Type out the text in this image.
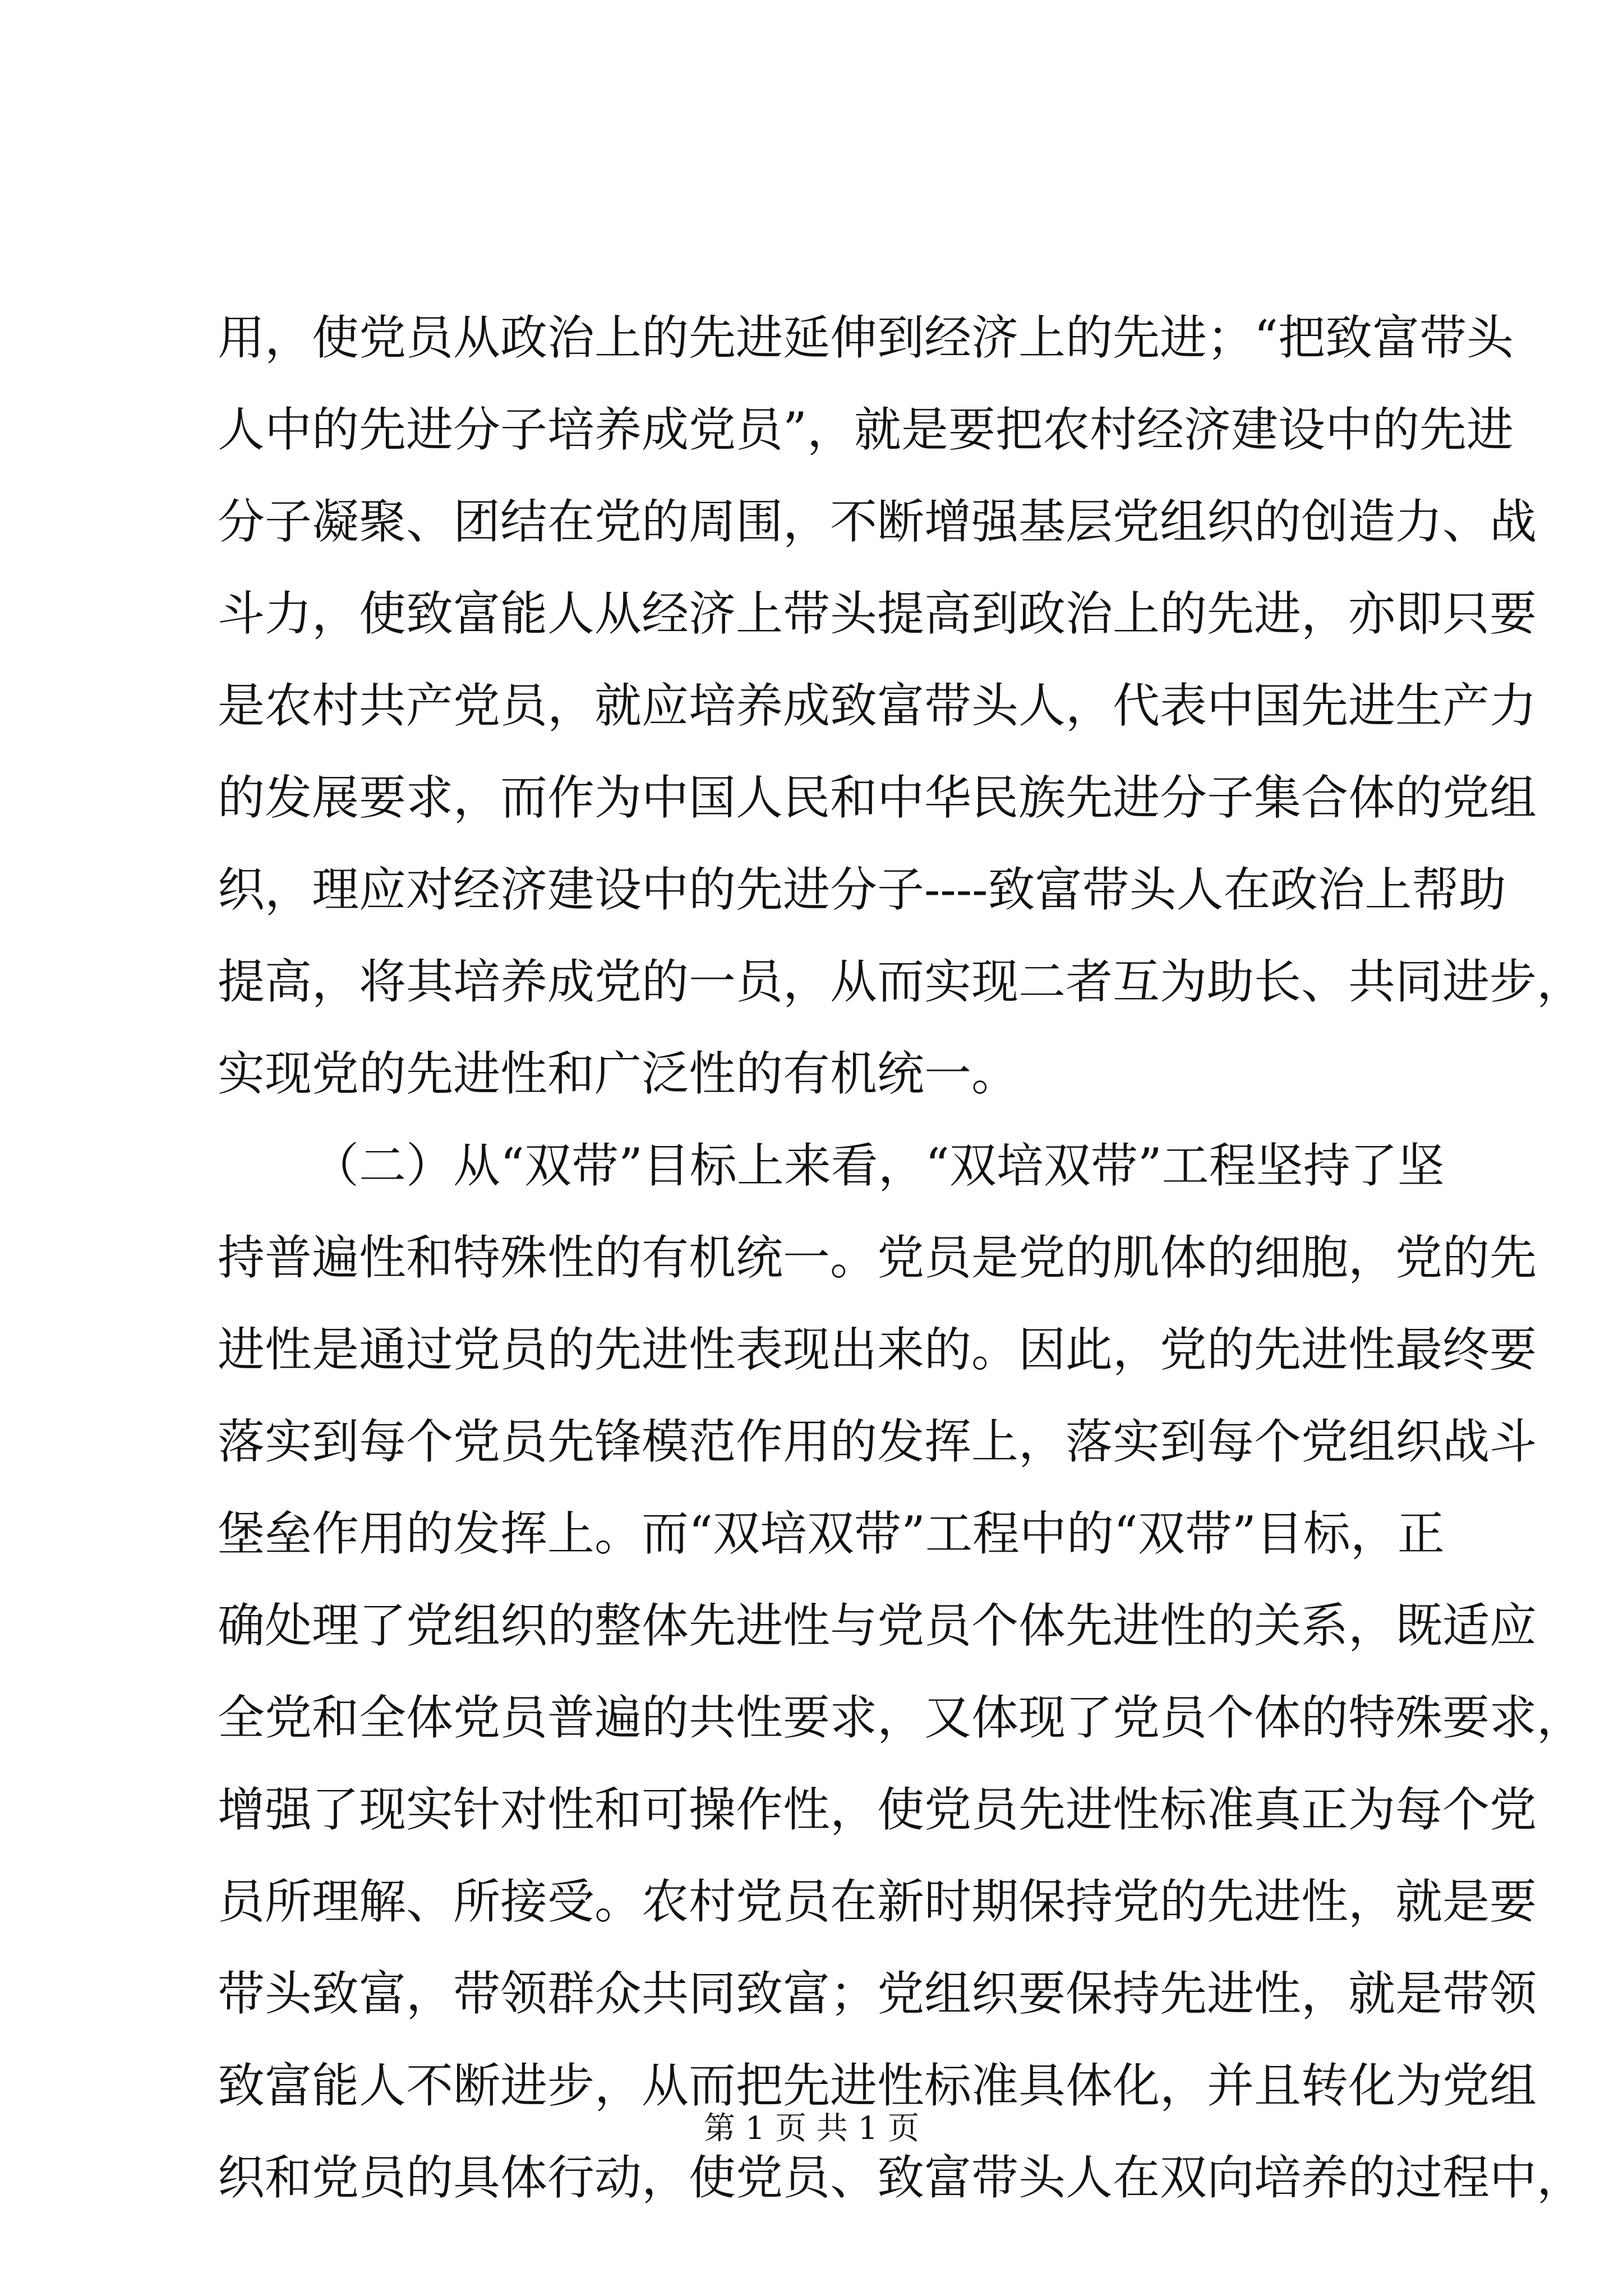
用，使党员从政治上的先进延伸到经济上的先进；“把致富带头
人中的先进分子培养成党员”，就是要把农村经济建设中的先进
分子凝聚、团结在党的周围，不断增强基层党组织的创造力、战
斗力，使致富能人从经济上带头提高到政治上的先进，亦即只要
是农村共产党员，就应培养成致富带头人，代表中国先进生产力
的发展要求，而作为中国人民和中华民族先进分子集合体的党组
织，理应对经济建设中的先进分子----致富带头人在政治上帮助
提高，将其培养成党的一员，从而实现二者互为助长、共同进步，
实现党的先进性和广泛性的有机统一。
（二）从“双带”目标上来看，“双培双带”工程坚持了坚
持普遍性和特殊性的有机统一。党员是党的肌体的细胞，党的先
进性是通过党员的先进性表现出来的。因此，党的先进性最终要
落实到每个党员先锋模范作用的发挥上，落实到每个党组织战斗
堡垒作用的发挥上。而“双培双带”工程中的“双带”目标，正
确处理了党组织的整体先进性与党员个体先进性的关系，既适应
全党和全体党员普遍的共性要求，又体现了党员个体的特殊要求，
增强了现实针对性和可操作性，使党员先进性标准真正为每个党
员所理解、所接受。农村党员在新时期保持党的先进性，就是要
带头致富，带领群众共同致富；党组织要保持先进性，就是带领
致富能人不断进步，从而把先进性标准具体化，并且转化为党组
织和党员的具体行动，使党员、致富带头人在双向培养的过程中，
第 1 页 共 1 页
